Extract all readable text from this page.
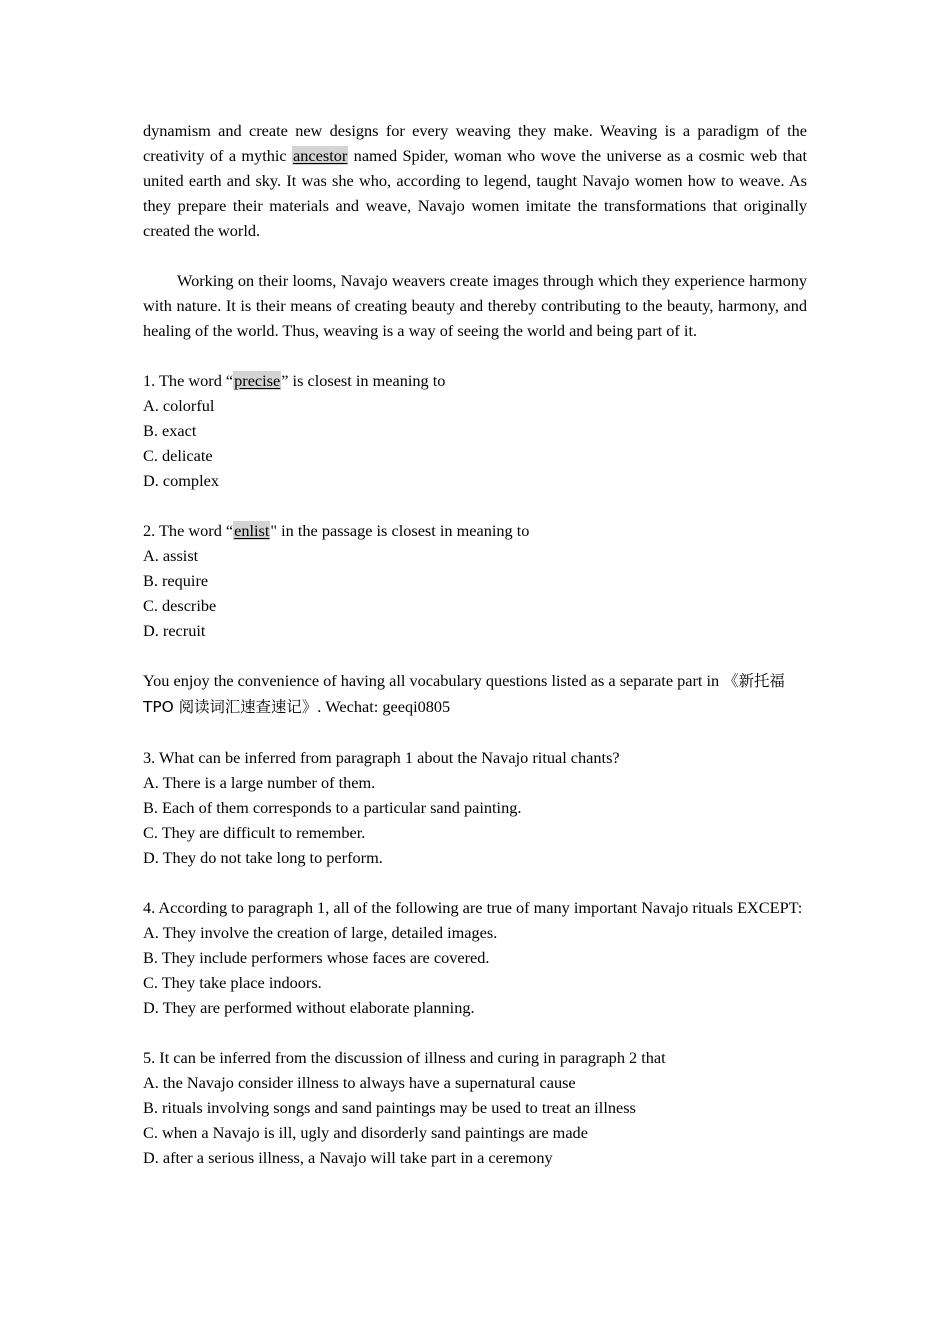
dynamism and create new designs for every weaving they make. Weaving is a paradigm of the creativity of a mythic ancestor named Spider, woman who wove the universe as a cosmic web that united earth and sky. It was she who, according to legend, taught Navajo women how to weave. As they prepare their materials and weave, Navajo women imitate the transformations that originally created the world.

Working on their looms, Navajo weavers create images through which they experience harmony with nature. It is their means of creating beauty and thereby contributing to the beauty, harmony, and healing of the world. Thus, weaving is a way of seeing the world and being part of it.

1. The word “precise” is closest in meaning to

A. colorful

B. exact

C. delicate

D. complex

2. The word “enlist" in the passage is closest in meaning to

A. assist

B. require

C. describe

D. recruit

You enjoy the convenience of having all vocabulary questions listed as a separate part in 《新托福 TPO 阅读词汇速查速记》. Wechat: geeqi0805

3. What can be inferred from paragraph 1 about the Navajo ritual chants?

A. There is a large number of them.

B. Each of them corresponds to a particular sand painting.

C. They are difficult to remember.

D. They do not take long to perform.

4. According to paragraph 1, all of the following are true of many important Navajo rituals EXCEPT:

A. They involve the creation of large, detailed images.

B. They include performers whose faces are covered.

C. They take place indoors.

D. They are performed without elaborate planning.

5. It can be inferred from the discussion of illness and curing in paragraph 2 that

A. the Navajo consider illness to always have a supernatural cause

B. rituals involving songs and sand paintings may be used to treat an illness

C. when a Navajo is ill, ugly and disorderly sand paintings are made

D. after a serious illness, a Navajo will take part in a ceremony
